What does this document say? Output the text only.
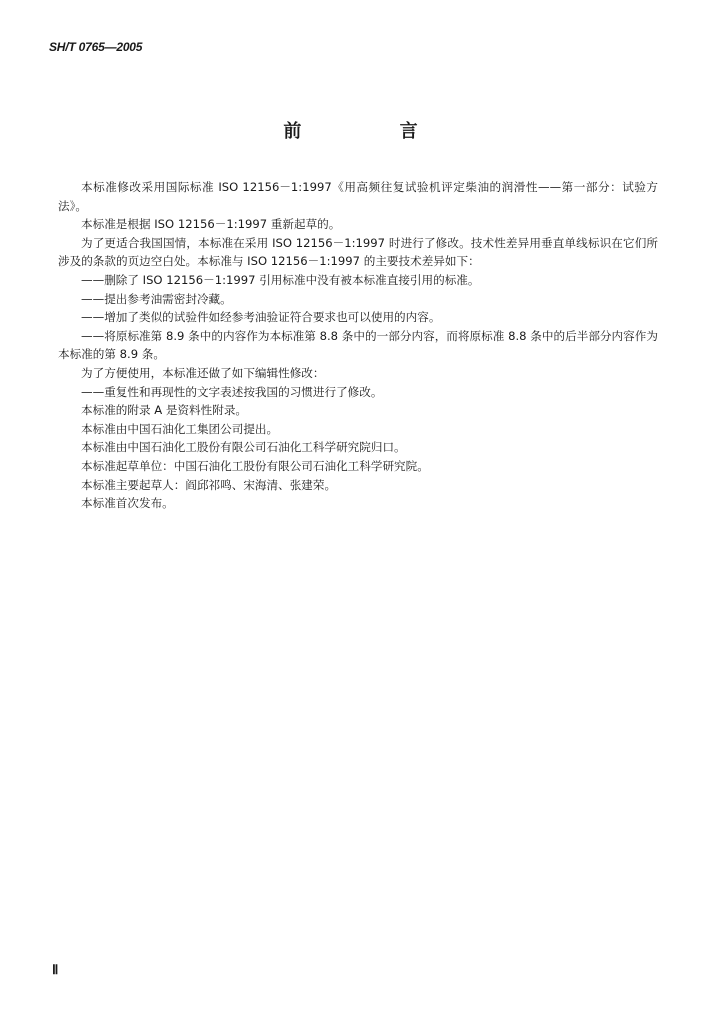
SH/T 0765—2005
前 言

本标准修改采用国际标准 ISO 12156－1:1997《用高频往复试验机评定柴油的润滑性——第一部分：试验方法》。

本标准是根据 ISO 12156－1:1997 重新起草的。

为了更适合我国国情，本标准在采用 ISO 12156－1:1997 时进行了修改。技术性差异用垂直单线标识在它们所涉及的条款的页边空白处。本标准与 ISO 12156－1:1997 的主要技术差异如下：

——删除了 ISO 12156－1:1997 引用标准中没有被本标准直接引用的标准。

——提出参考油需密封冷藏。

——增加了类似的试验件如经参考油验证符合要求也可以使用的内容。

——将原标准第 8.9 条中的内容作为本标准第 8.8 条中的一部分内容，而将原标准 8.8 条中的后半部分内容作为本标准的第 8.9 条。

为了方便使用，本标准还做了如下编辑性修改：

——重复性和再现性的文字表述按我国的习惯进行了修改。

本标准的附录 A 是资料性附录。

本标准由中国石油化工集团公司提出。

本标准由中国石油化工股份有限公司石油化工科学研究院归口。

本标准起草单位：中国石油化工股份有限公司石油化工科学研究院。

本标准主要起草人：阎邱祁鸣、宋海清、张建荣。

本标准首次发布。

Ⅱ
